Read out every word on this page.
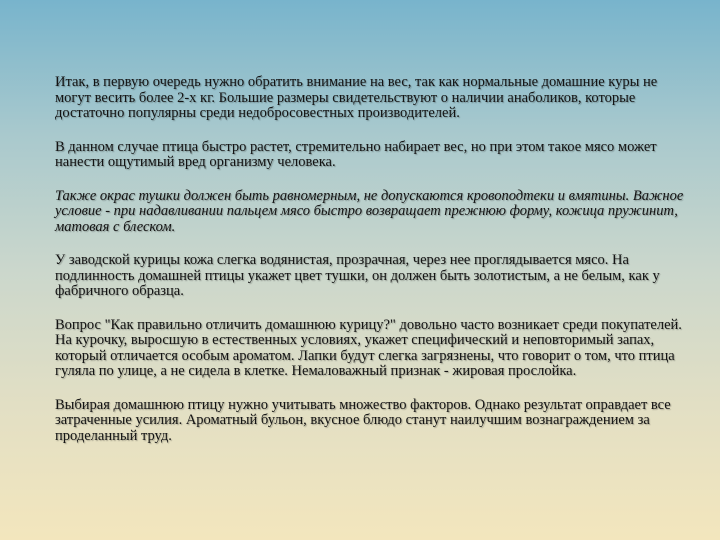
Итак, в первую очередь нужно обратить внимание на вес, так как нормальные домашние куры не могут весить более 2-х кг. Большие размеры свидетельствуют о наличии анаболиков, которые достаточно популярны среди недобросовестных производителей.

В данном случае птица быстро растет, стремительно набирает вес, но при этом такое мясо может нанести ощутимый вред организму человека.

Также окрас тушки должен быть равномерным, не допускаются кровоподтеки и вмятины. Важное условие - при надавливании пальцем мясо быстро возвращает прежнюю форму, кожица пружинит, матовая с блеском.

У заводской курицы кожа слегка водянистая, прозрачная, через нее проглядывается мясо. На подлинность домашней птицы укажет цвет тушки, он должен быть золотистым, а не белым, как у фабричного образца.

Вопрос "Как правильно отличить домашнюю курицу?" довольно часто возникает среди покупателей. На курочку, выросшую в естественных условиях, укажет специфический и неповторимый запах, который отличается особым ароматом. Лапки будут слегка загрязнены, что говорит о том, что птица гуляла по улице, а не сидела в клетке. Немаловажный признак - жировая прослойка.

Выбирая домашнюю птицу нужно учитывать множество факторов. Однако результат оправдает все затраченные усилия. Ароматный бульон, вкусное блюдо станут наилучшим вознаграждением за проделанный труд.
